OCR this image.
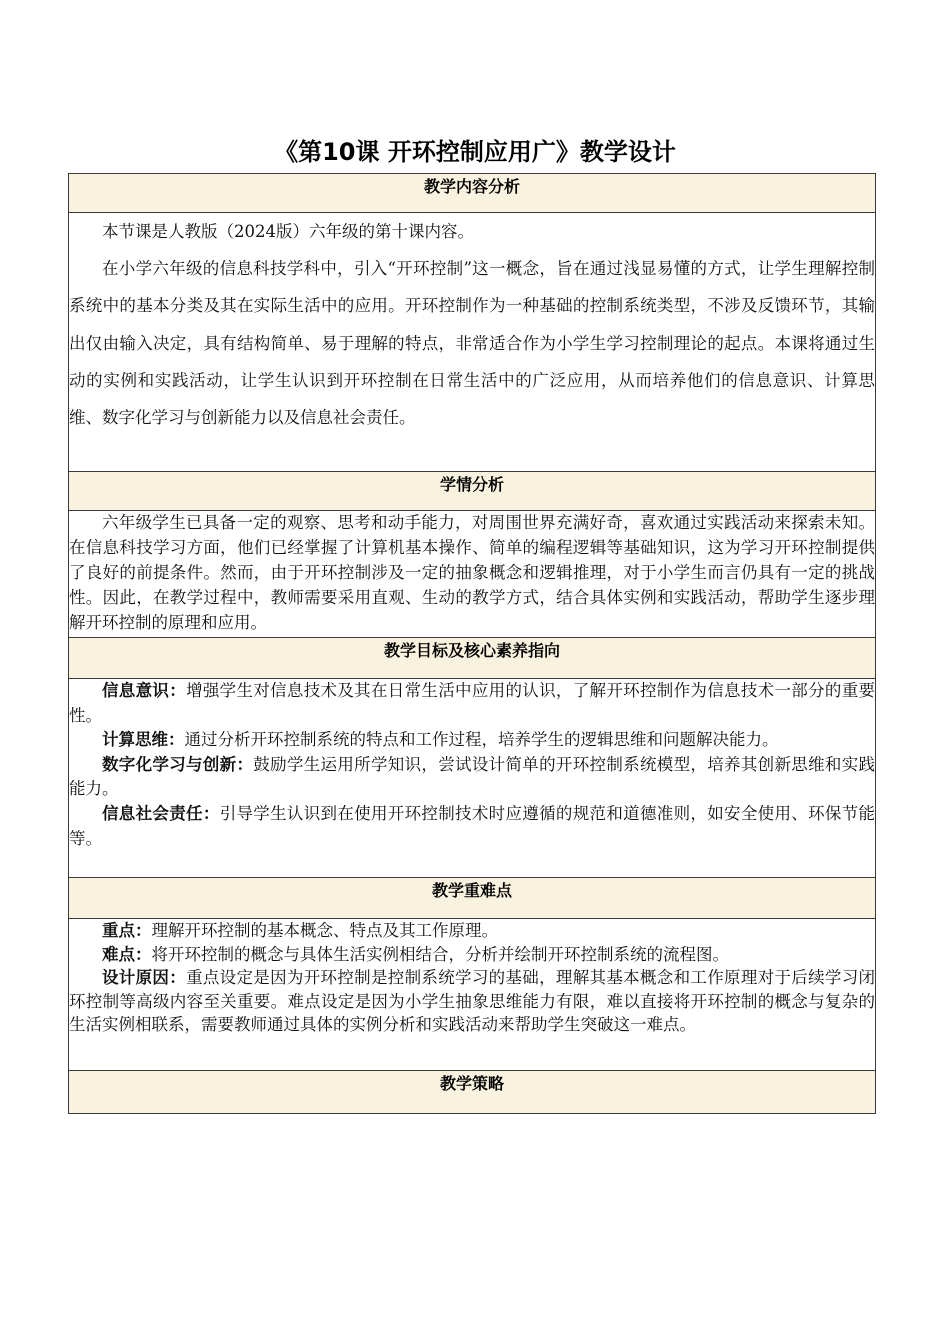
《第10课 开环控制应用广》教学设计
教学内容分析

本节课是人教版（2024版）六年级的第十课内容。

在小学六年级的信息科技学科中，引入“开环控制”这一概念，旨在通过浅显易懂的方式，让学生理解控制系统中的基本分类及其在实际生活中的应用。开环控制作为一种基础的控制系统类型，不涉及反馈环节，其输出仅由输入决定，具有结构简单、易于理解的特点，非常适合作为小学生学习控制理论的起点。本课将通过生动的实例和实践活动，让学生认识到开环控制在日常生活中的广泛应用，从而培养他们的信息意识、计算思维、数字化学习与创新能力以及信息社会责任。

学情分析

六年级学生已具备一定的观察、思考和动手能力，对周围世界充满好奇，喜欢通过实践活动来探索未知。在信息科技学习方面，他们已经掌握了计算机基本操作、简单的编程逻辑等基础知识，这为学习开环控制提供了良好的前提条件。然而，由于开环控制涉及一定的抽象概念和逻辑推理，对于小学生而言仍具有一定的挑战性。因此，在教学过程中，教师需要采用直观、生动的教学方式，结合具体实例和实践活动，帮助学生逐步理解开环控制的原理和应用。

教学目标及核心素养指向

信息意识：增强学生对信息技术及其在日常生活中应用的认识，了解开环控制作为信息技术一部分的重要性。

计算思维：通过分析开环控制系统的特点和工作过程，培养学生的逻辑思维和问题解决能力。

数字化学习与创新：鼓励学生运用所学知识，尝试设计简单的开环控制系统模型，培养其创新思维和实践能力。

信息社会责任：引导学生认识到在使用开环控制技术时应遵循的规范和道德准则，如安全使用、环保节能等。

教学重难点

重点：理解开环控制的基本概念、特点及其工作原理。

难点：将开环控制的概念与具体生活实例相结合，分析并绘制开环控制系统的流程图。

设计原因：重点设定是因为开环控制是控制系统学习的基础，理解其基本概念和工作原理对于后续学习闭环控制等高级内容至关重要。难点设定是因为小学生抽象思维能力有限，难以直接将开环控制的概念与复杂的生活实例相联系，需要教师通过具体的实例分析和实践活动来帮助学生突破这一难点。

教学策略
